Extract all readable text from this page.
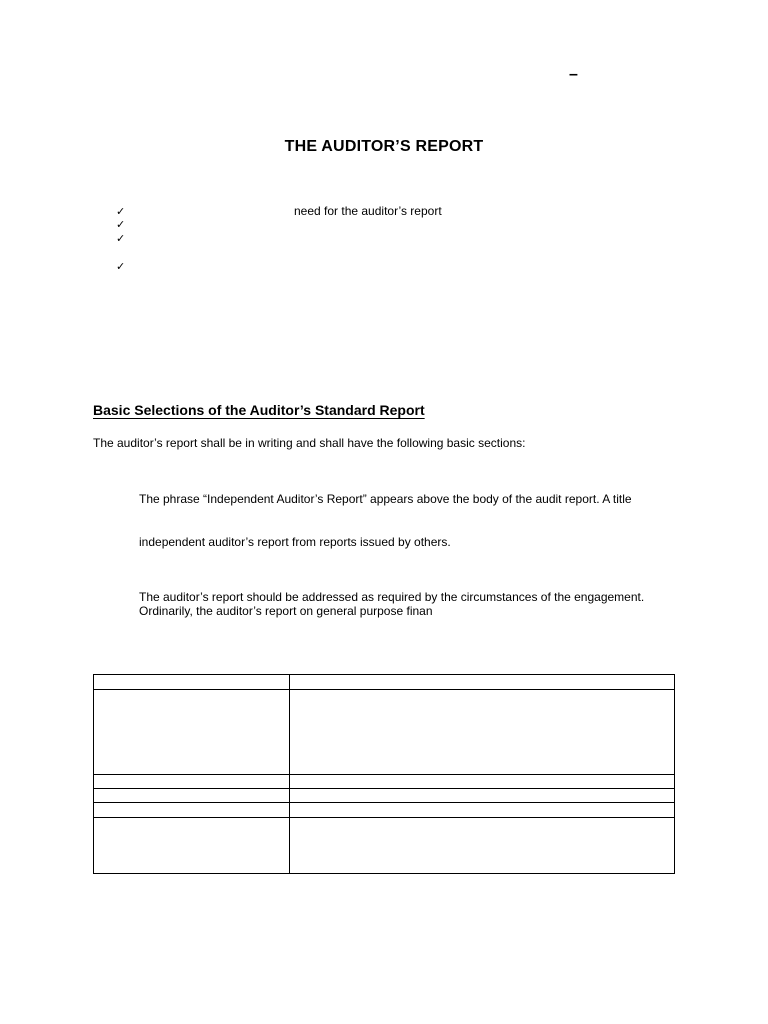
–
THE AUDITOR’S REPORT
✓	need for the auditor’s report
✓
✓
✓
Basic Selections of the Auditor’s Standard Report
The auditor’s report shall be in writing and shall have the following basic sections:
The phrase “Independent Auditor’s Report” appears above the body of the audit report. A title
independent auditor’s report from reports issued by others.
The auditor’s report should be addressed as required by the circumstances of the engagement.
Ordinarily, the auditor’s report on general purpose finan
